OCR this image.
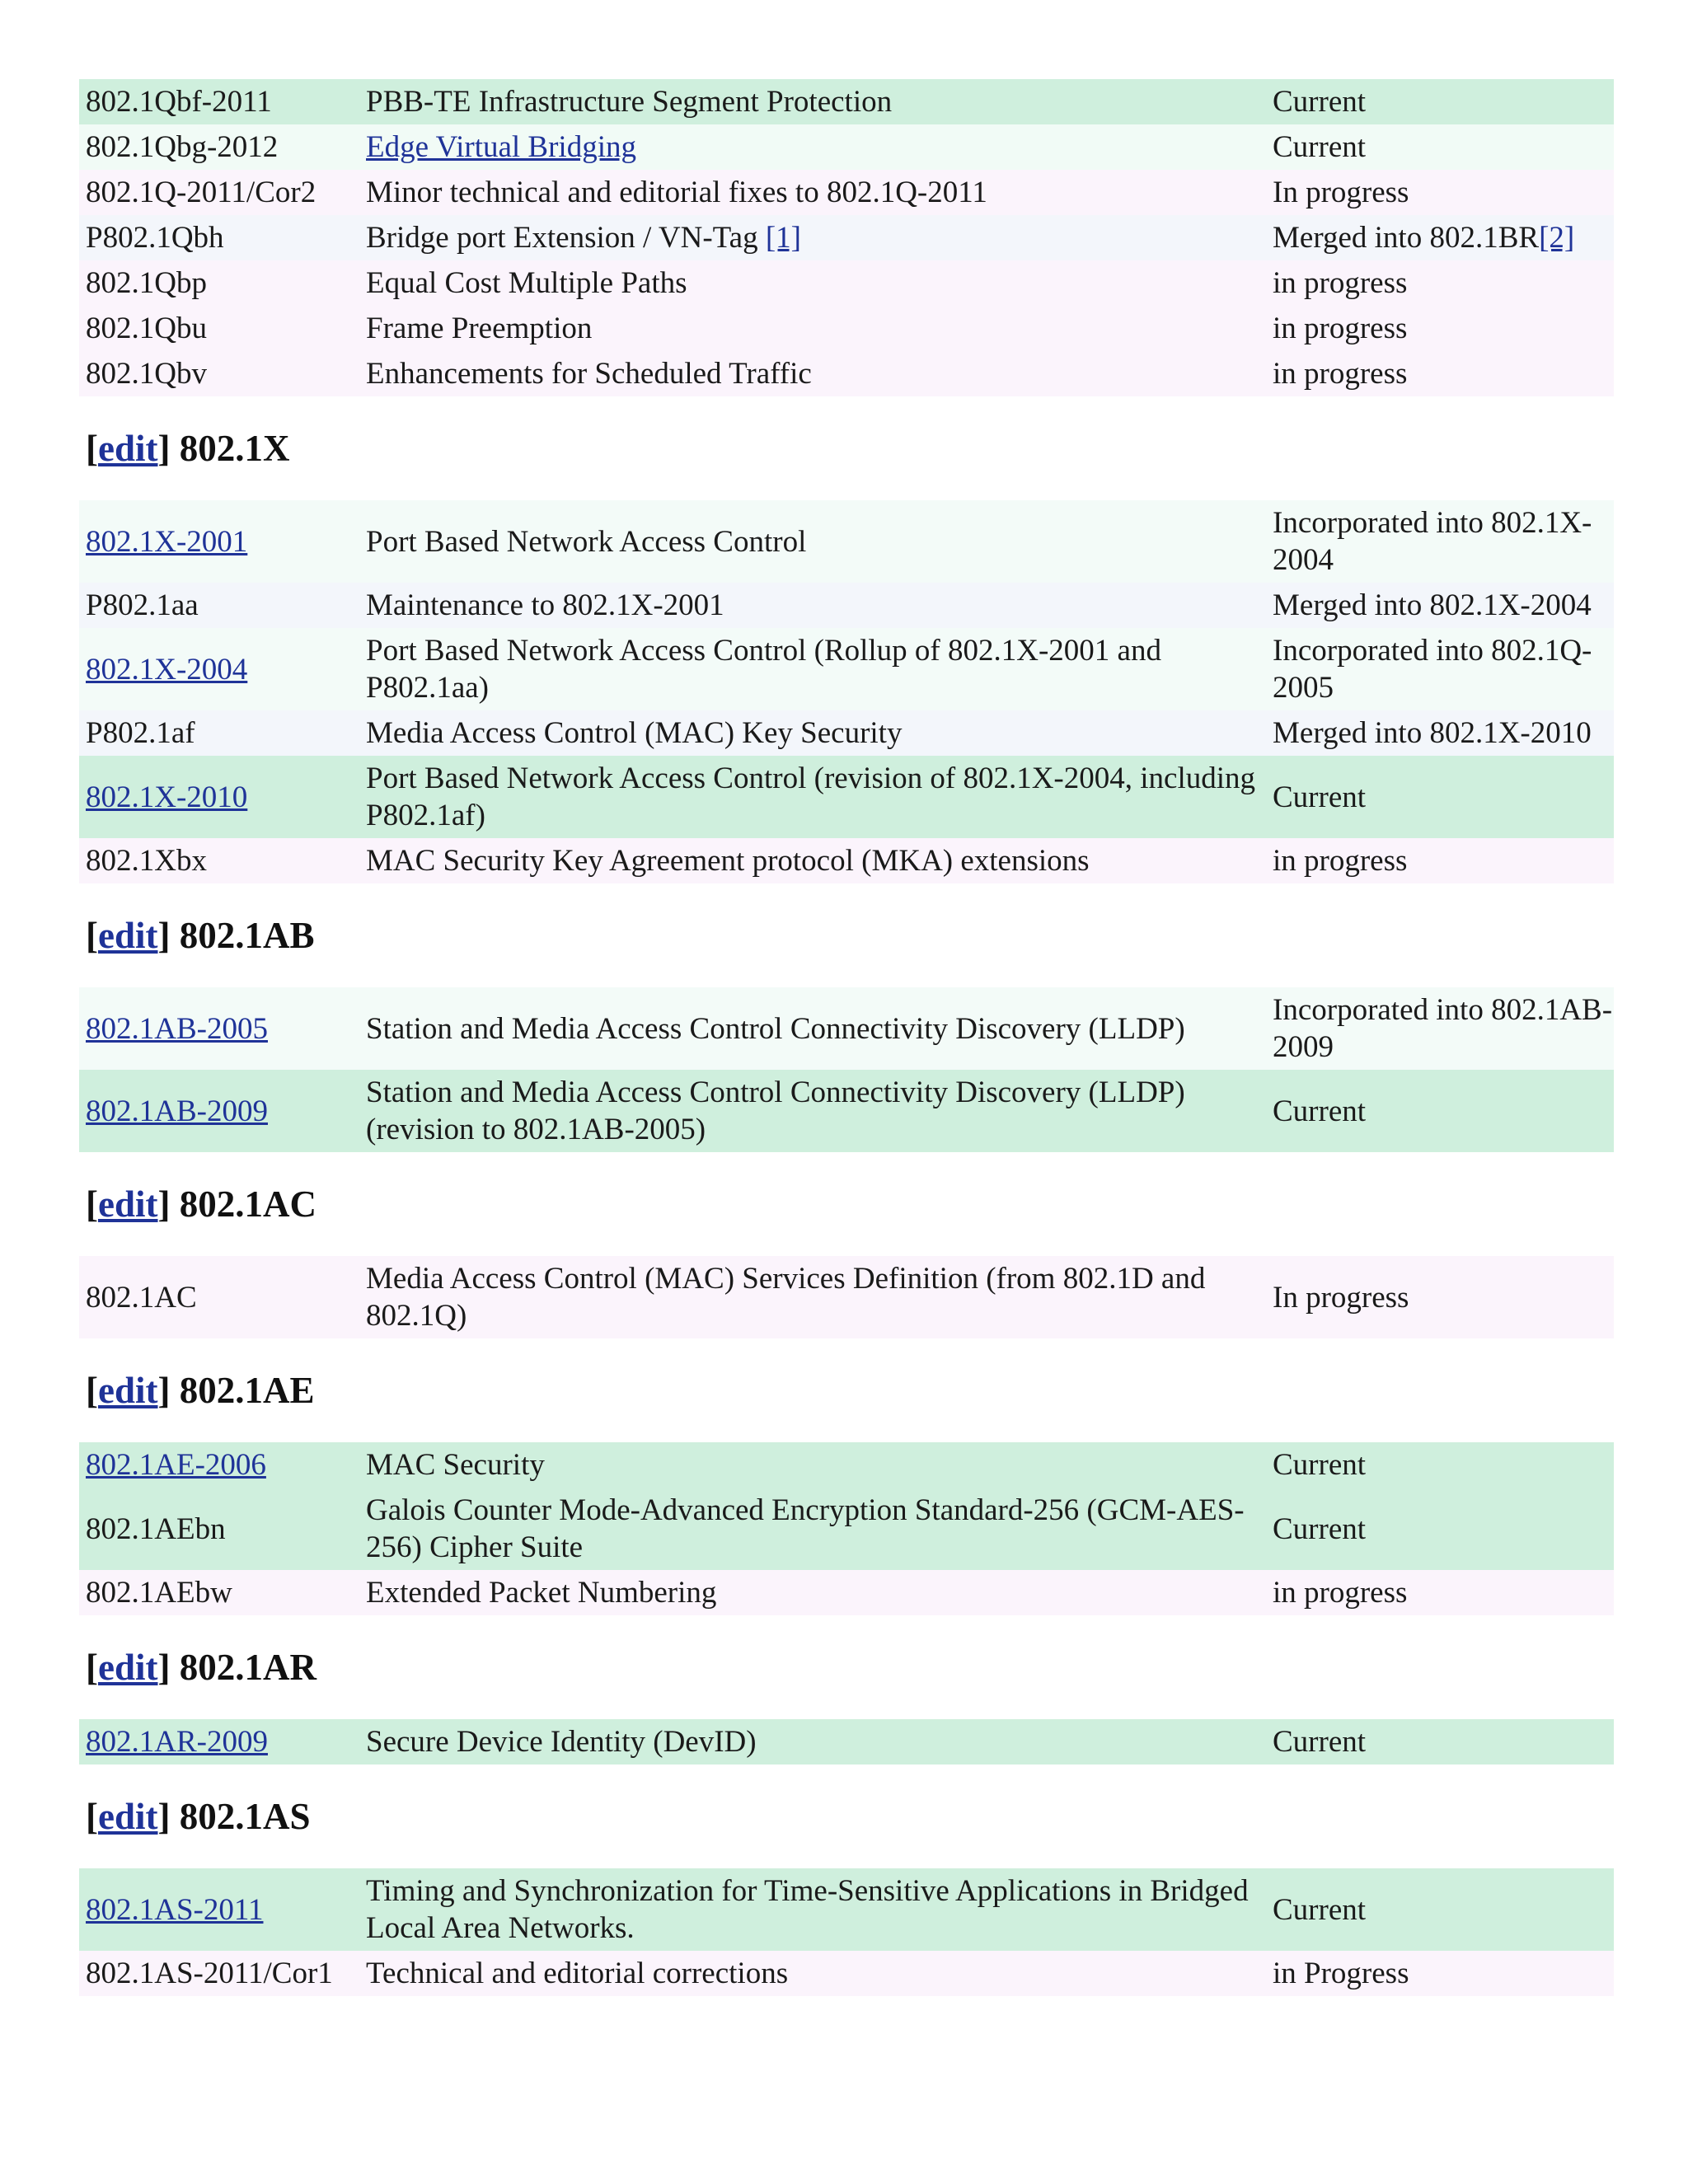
802.1Qbf-2011	PBB-TE Infrastructure Segment Protection	Current
802.1Qbg-2012	Edge Virtual Bridging	Current
802.1Q-2011/Cor2	Minor technical and editorial fixes to 802.1Q-2011	In progress
P802.1Qbh	Bridge port Extension / VN-Tag [1]	Merged into 802.1BR[2]
802.1Qbp	Equal Cost Multiple Paths	in progress
802.1Qbu	Frame Preemption	in progress
802.1Qbv	Enhancements for Scheduled Traffic	in progress
[edit] 802.1X
802.1X-2001	Port Based Network Access Control	Incorporated into 802.1X-2004
P802.1aa	Maintenance to 802.1X-2001	Merged into 802.1X-2004
802.1X-2004	Port Based Network Access Control (Rollup of 802.1X-2001 and P802.1aa)	Incorporated into 802.1Q-2005
P802.1af	Media Access Control (MAC) Key Security	Merged into 802.1X-2010
802.1X-2010	Port Based Network Access Control (revision of 802.1X-2004, including P802.1af)	Current
802.1Xbx	MAC Security Key Agreement protocol (MKA) extensions	in progress
[edit] 802.1AB
802.1AB-2005	Station and Media Access Control Connectivity Discovery (LLDP)	Incorporated into 802.1AB-2009
802.1AB-2009	Station and Media Access Control Connectivity Discovery (LLDP) (revision to 802.1AB-2005)	Current
[edit] 802.1AC
802.1AC	Media Access Control (MAC) Services Definition (from 802.1D and 802.1Q)	In progress
[edit] 802.1AE
802.1AE-2006	MAC Security	Current
802.1AEbn	Galois Counter Mode-Advanced Encryption Standard-256 (GCM-AES-256) Cipher Suite	Current
802.1AEbw	Extended Packet Numbering	in progress
[edit] 802.1AR
802.1AR-2009	Secure Device Identity (DevID)	Current
[edit] 802.1AS
802.1AS-2011	Timing and Synchronization for Time-Sensitive Applications in Bridged Local Area Networks.	Current
802.1AS-2011/Cor1	Technical and editorial corrections	in Progress
